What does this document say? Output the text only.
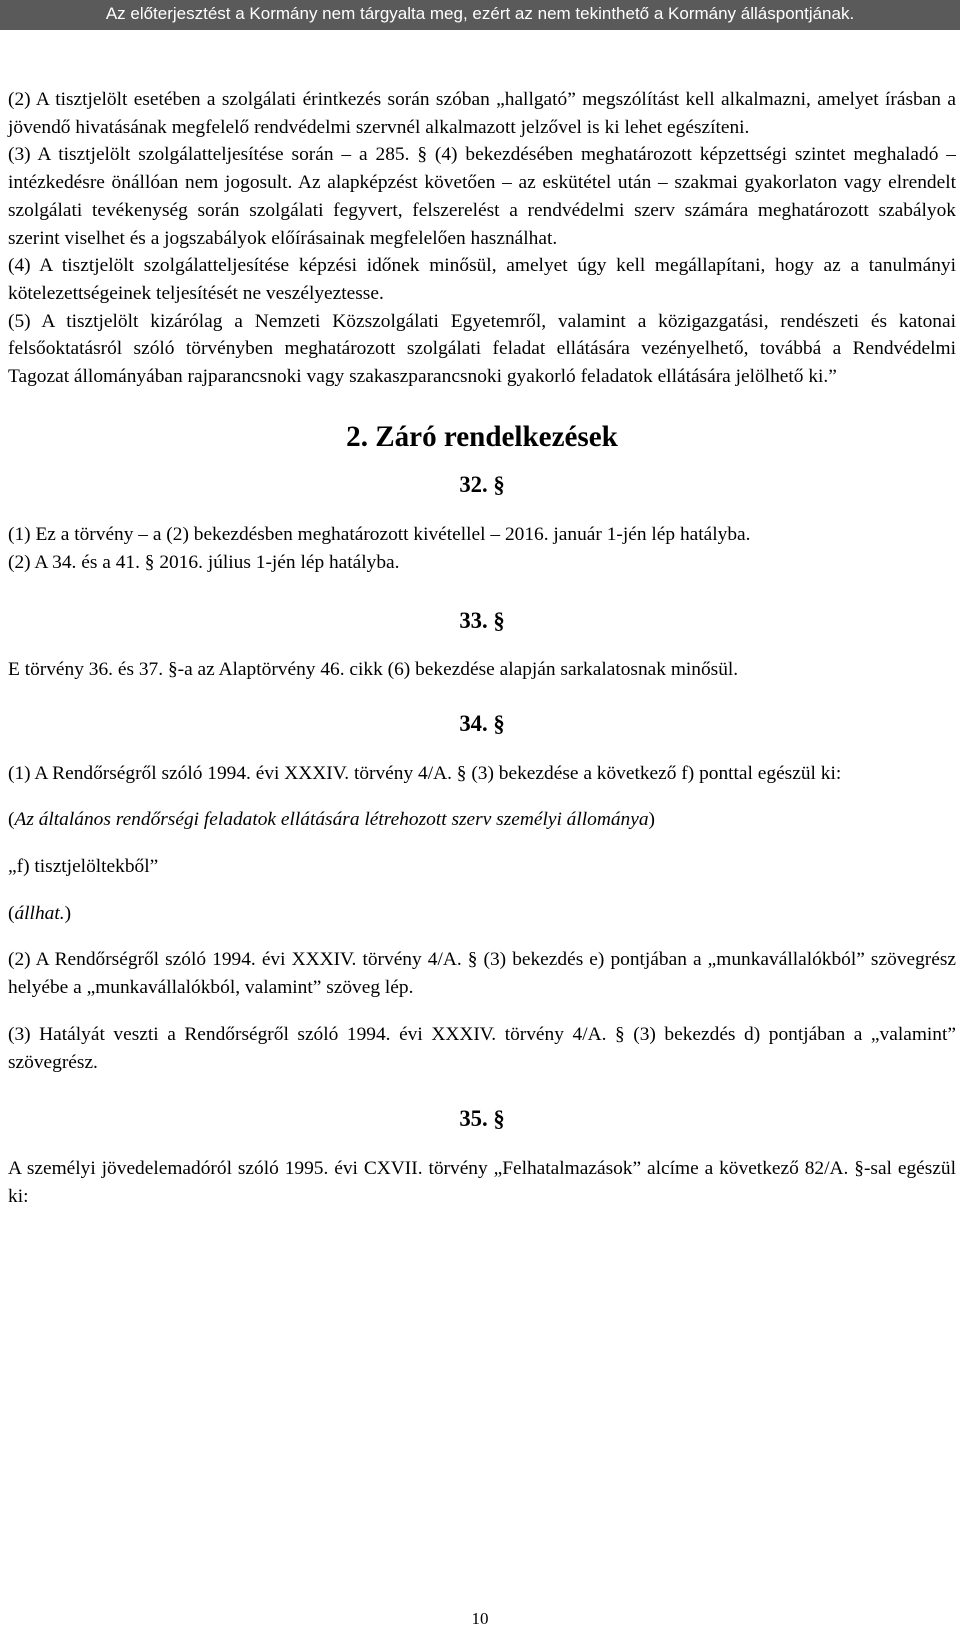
Az előterjesztést a Kormány nem tárgyalta meg, ezért az nem tekinthető a Kormány álláspontjának.

(2) A tisztjelölt esetében a szolgálati érintkezés során szóban „hallgató” megszólítást kell alkalmazni, amelyet írásban a jövendő hivatásának megfelelő rendvédelmi szervnél alkalmazott jelzővel is ki lehet egészíteni.

(3) A tisztjelölt szolgálatteljesítése során – a 285. § (4) bekezdésében meghatározott képzettségi szintet meghaladó – intézkedésre önállóan nem jogosult. Az alapképzést követően – az eskütétel után – szakmai gyakorlaton vagy elrendelt szolgálati tevékenység során szolgálati fegyvert, felszerelést a rendvédelmi szerv számára meghatározott szabályok szerint viselhet és a jogszabályok előírásainak megfelelően használhat.

(4) A tisztjelölt szolgálatteljesítése képzési időnek minősül, amelyet úgy kell megállapítani, hogy az a tanulmányi kötelezettségeinek teljesítését ne veszélyeztesse.

(5) A tisztjelölt kizárólag a Nemzeti Közszolgálati Egyetemről, valamint a közigazgatási, rendészeti és katonai felsőoktatásról szóló törvényben meghatározott szolgálati feladat ellátására vezényelhető, továbbá a Rendvédelmi Tagozat állományában rajparancsnoki vagy szakaszparancsnoki gyakorló feladatok ellátására jelölhető ki.”

2. Záró rendelkezések
32. §

(1) Ez a törvény – a (2) bekezdésben meghatározott kivétellel – 2016. január 1-jén lép hatályba.

(2) A 34. és a 41. § 2016. július 1-jén lép hatályba.

33. §

E törvény 36. és 37. §-a az Alaptörvény 46. cikk (6) bekezdése alapján sarkalatosnak minősül.

34. §

(1) A Rendőrségről szóló 1994. évi XXXIV. törvény 4/A. § (3) bekezdése a következő f) ponttal egészül ki:

(Az általános rendőrségi feladatok ellátására létrehozott szerv személyi állománya)

„f) tisztjelöltekből”

(állhat.)

(2) A Rendőrségről szóló 1994. évi XXXIV. törvény 4/A. § (3) bekezdés e) pontjában a „munkavállalókból” szövegrész helyébe a „munkavállalókból, valamint” szöveg lép.

(3) Hatályát veszti a Rendőrségről szóló 1994. évi XXXIV. törvény 4/A. § (3) bekezdés d) pontjában a „valamint” szövegrész.

35. §

A személyi jövedelemadóról szóló 1995. évi CXVII. törvény „Felhatalmazások” alcíme a következő 82/A. §-sal egészül ki:

10
